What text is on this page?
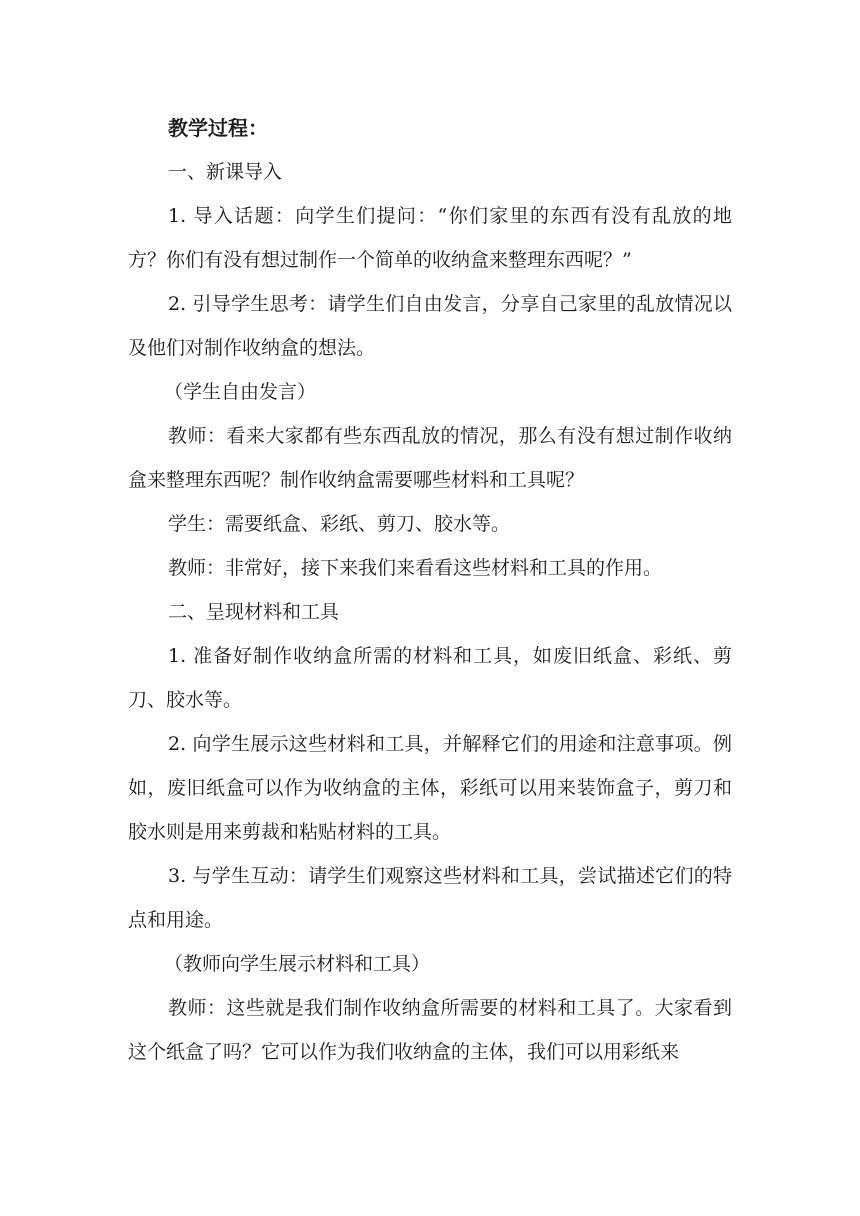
教学过程：

一、新课导入

1. 导入话题：向学生们提问：“你们家里的东西有没有乱放的地方？你们有没有想过制作一个简单的收纳盒来整理东西呢？”

2. 引导学生思考：请学生们自由发言，分享自己家里的乱放情况以及他们对制作收纳盒的想法。

（学生自由发言）

教师：看来大家都有些东西乱放的情况，那么有没有想过制作收纳盒来整理东西呢？制作收纳盒需要哪些材料和工具呢？

学生：需要纸盒、彩纸、剪刀、胶水等。

教师：非常好，接下来我们来看看这些材料和工具的作用。

二、呈现材料和工具

1. 准备好制作收纳盒所需的材料和工具，如废旧纸盒、彩纸、剪刀、胶水等。

2. 向学生展示这些材料和工具，并解释它们的用途和注意事项。例如，废旧纸盒可以作为收纳盒的主体，彩纸可以用来装饰盒子，剪刀和胶水则是用来剪裁和粘贴材料的工具。

3. 与学生互动：请学生们观察这些材料和工具，尝试描述它们的特点和用途。

（教师向学生展示材料和工具）

教师：这些就是我们制作收纳盒所需要的材料和工具了。大家看到这个纸盒了吗？它可以作为我们收纳盒的主体，我们可以用彩纸来
